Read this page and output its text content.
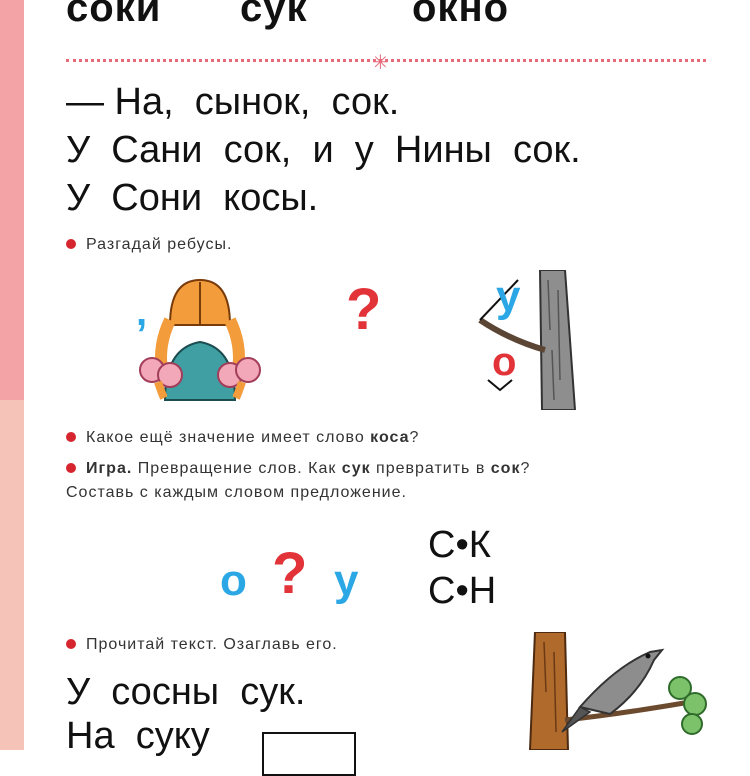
соки сук	окно
✳
— На,  сынок,  сок.
У  Сани  сок,  и  у  Нины  сок.
У  Сони  косы.
Разгадай ребусы.
,	?	у
о
Какое ещё значение имеет слово коса?
Игра. Превращение слов. Как сук превратить в сок?
Составь с каждым словом предложение.
о ? у
С•К
С•Н
Прочитай текст. Озаглавь его.
У  сосны  сук.
На  суку
